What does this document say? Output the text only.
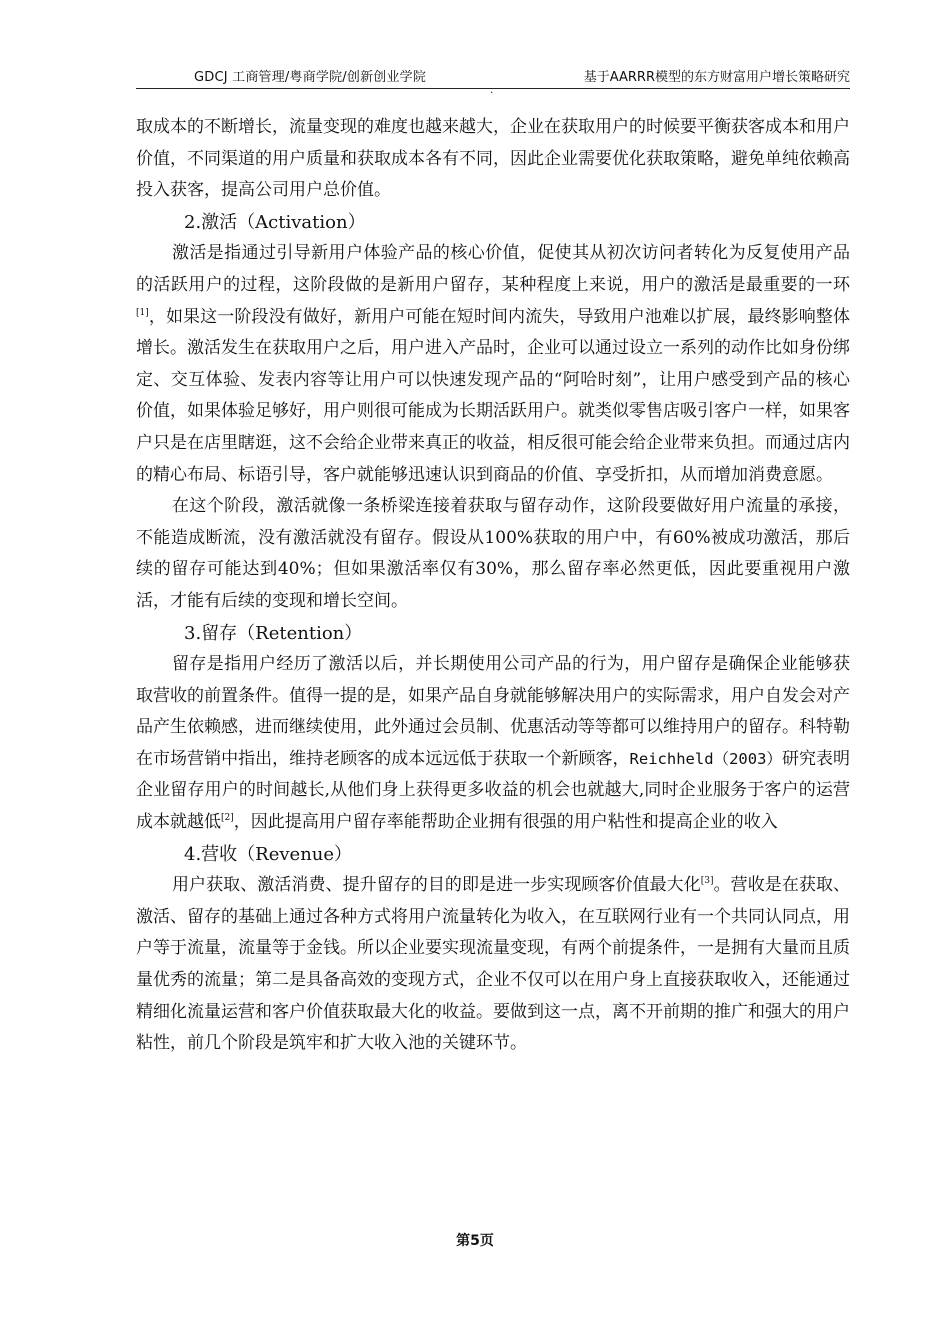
GDCJ 工商管理/粤商学院/创新创业学院	基于AARRR模型的东方财富用户增长策略研究
.

取成本的不断增长，流量变现的难度也越来越大，企业在获取用户的时候要平衡获客成本和用户价值，不同渠道的用户质量和获取成本各有不同，因此企业需要优化获取策略，避免单纯依赖高投入获客，提高公司用户总价值。

2.激活（Activation）

激活是指通过引导新用户体验产品的核心价值，促使其从初次访问者转化为反复使用产品的活跃用户的过程，这阶段做的是新用户留存，某种程度上来说，用户的激活是最重要的一环[1]，如果这一阶段没有做好，新用户可能在短时间内流失，导致用户池难以扩展，最终影响整体增长。激活发生在获取用户之后，用户进入产品时，企业可以通过设立一系列的动作比如身份绑定、交互体验、发表内容等让用户可以快速发现产品的“阿哈时刻”，让用户感受到产品的核心价值，如果体验足够好，用户则很可能成为长期活跃用户。就类似零售店吸引客户一样，如果客户只是在店里瞎逛，这不会给企业带来真正的收益，相反很可能会给企业带来负担。而通过店内的精心布局、标语引导，客户就能够迅速认识到商品的价值、享受折扣，从而增加消费意愿。

在这个阶段，激活就像一条桥梁连接着获取与留存动作，这阶段要做好用户流量的承接，不能造成断流，没有激活就没有留存。假设从100%获取的用户中，有60%被成功激活，那后续的留存可能达到40%；但如果激活率仅有30%，那么留存率必然更低，因此要重视用户激活，才能有后续的变现和增长空间。

3.留存（Retention）

留存是指用户经历了激活以后，并长期使用公司产品的行为，用户留存是确保企业能够获取营收的前置条件。值得一提的是，如果产品自身就能够解决用户的实际需求，用户自发会对产品产生依赖感，进而继续使用，此外通过会员制、优惠活动等等都可以维持用户的留存。科特勒在市场营销中指出，维持老顾客的成本远远低于获取一个新顾客，Reichheld（2003）研究表明企业留存用户的时间越长,从他们身上获得更多收益的机会也就越大,同时企业服务于客户的运营成本就越低[2]，因此提高用户留存率能帮助企业拥有很强的用户粘性和提高企业的收入

4.营收（Revenue）

用户获取、激活消费、提升留存的目的即是进一步实现顾客价值最大化[3]。营收是在获取、激活、留存的基础上通过各种方式将用户流量转化为收入，在互联网行业有一个共同认同点，用户等于流量，流量等于金钱。所以企业要实现流量变现，有两个前提条件，一是拥有大量而且质量优秀的流量；第二是具备高效的变现方式，企业不仅可以在用户身上直接获取收入，还能通过精细化流量运营和客户价值获取最大化的收益。要做到这一点，离不开前期的推广和强大的用户粘性，前几个阶段是筑牢和扩大收入池的关键环节。

第5页
